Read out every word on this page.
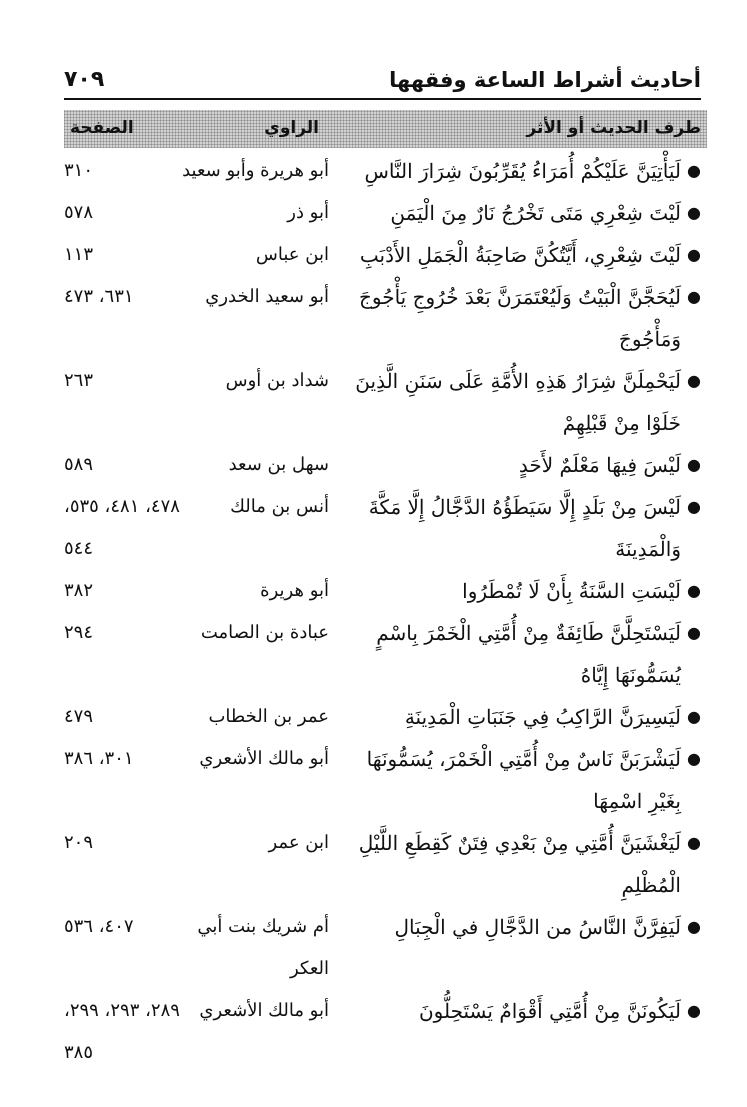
٧٠٩	أحاديث أشراط الساعة وفقهها
طرف الحديث أو الأثر
الراوي
الصفحة
●
لَيَأْتِيَنَّ عَلَيْكُمْ أُمَرَاءُ يُقَرِّبُونَ شِرَارَ النَّاسِ
أبو هريرة وأبو سعيد
٣١٠
●
لَيْتَ شِعْرِي مَتَى تَخْرُجُ نَارٌ مِنَ الْيَمَنِ
أبو ذر
٥٧٨
●
لَيْتَ شِعْرِي، أَيَّتُكُنَّ صَاحِبَةُ الْجَمَلِ الأَدْبَبِ
ابن عباس
١١٣
●
لَيُحَجَّنَّ الْبَيْتُ وَلَيُعْتَمَرَنَّ بَعْدَ خُرُوجِ يَأْجُوجَ وَمَأْجُوجَ
أبو سعيد الخدري
٦٣١، ٤٧٣
●
لَيَحْمِلَنَّ شِرَارُ هَذِهِ الأُمَّةِ عَلَى سَنَنِ الَّذِينَ خَلَوْا مِنْ قَبْلِهِمْ
شداد بن أوس
٢٦٣
●
لَيْسَ فِيهَا مَعْلَمٌ لأَحَدٍ
سهل بن سعد
٥٨٩
●
لَيْسَ مِنْ بَلَدٍ إِلَّا سَيَطَؤُهُ الدَّجَّالُ إِلَّا مَكَّةَ وَالْمَدِينَةَ
أنس بن مالك
٤٧٨، ٤٨١، ٥٣٥، ٥٤٤
●
لَيْسَتِ السَّنَةُ بِأَنْ لَا تُمْطَرُوا
أبو هريرة
٣٨٢
●
لَيَسْتَحِلَّنَّ طَائِفَةٌ مِنْ أُمَّتِي الْخَمْرَ بِاسْمٍ يُسَمُّونَهَا إِيَّاهُ
عبادة بن الصامت
٢٩٤
●
لَيَسِيرَنَّ الرَّاكِبُ فِي جَنَبَاتِ الْمَدِينَةِ
عمر بن الخطاب
٤٧٩
●
لَيَشْرَبَنَّ نَاسٌ مِنْ أُمَّتِي الْخَمْرَ، يُسَمُّونَهَا بِغَيْرِ اسْمِهَا
أبو مالك الأشعري
٣٠١، ٣٨٦
●
لَيَغْشَيَنَّ أُمَّتِي مِنْ بَعْدِي فِتَنٌ كَقِطَعِ اللَّيْلِ الْمُظْلِمِ
ابن عمر
٢٠٩
●
لَيَفِرَّنَّ النَّاسُ من الدَّجَّالِ في الْجِبَالِ
أم شريك بنت أبي العكر
٤٠٧، ٥٣٦
●
لَيَكُونَنَّ مِنْ أُمَّتِي أَقْوَامٌ يَسْتَحِلُّونَ
أبو مالك الأشعري
٢٨٩، ٢٩٣، ٢٩٩، ٣٨٥
